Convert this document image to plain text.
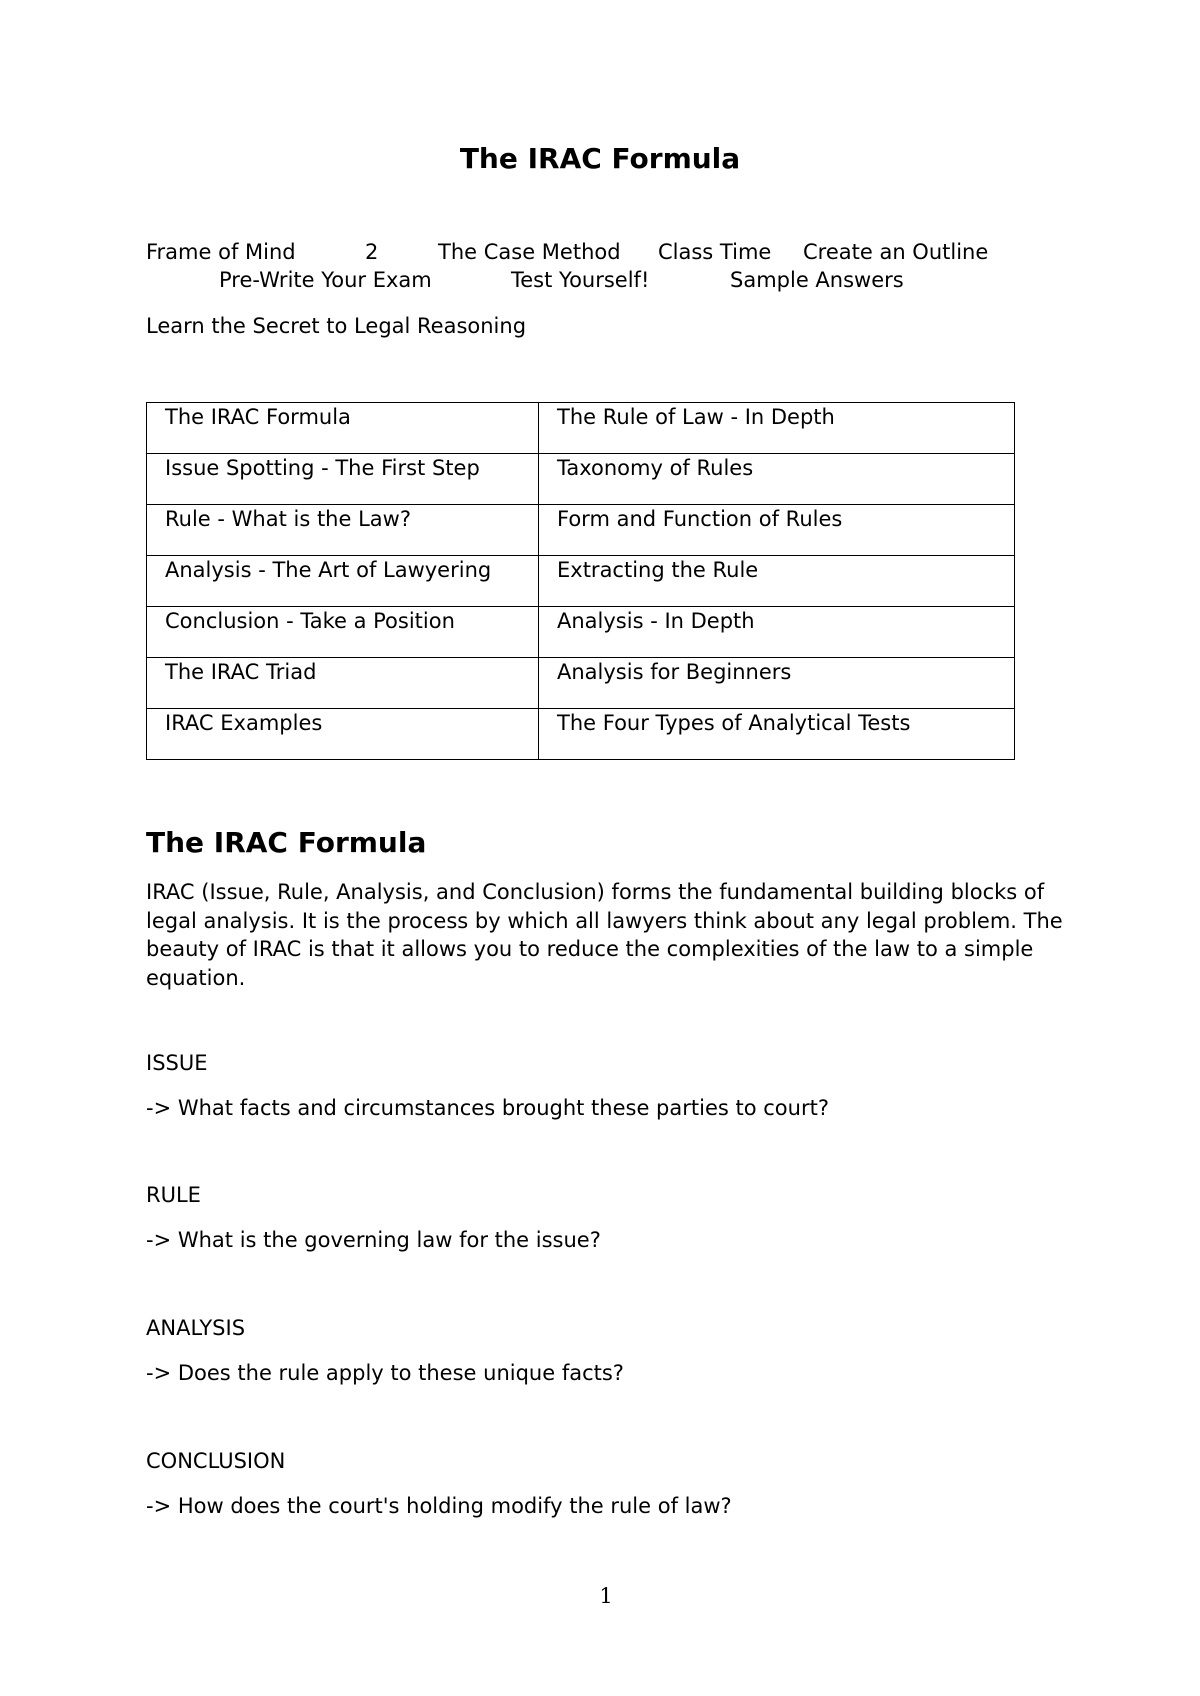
The IRAC Formula
Frame of Mind	2	The Case Method Class Time Create an Outline
Pre-Write Your Exam	Test Yourself!	Sample Answers

Learn the Secret to Legal Reasoning

The IRAC Formula	The Rule of Law - In Depth
Issue Spotting - The First Step	Taxonomy of Rules
Rule - What is the Law?	Form and Function of Rules
Analysis - The Art of Lawyering	Extracting the Rule
Conclusion - Take a Position	Analysis - In Depth
The IRAC Triad	Analysis for Beginners
IRAC Examples	The Four Types of Analytical Tests
The IRAC Formula

IRAC (Issue, Rule, Analysis, and Conclusion) forms the fundamental building blocks of legal analysis. It is the process by which all lawyers think about any legal problem. The beauty of IRAC is that it allows you to reduce the complexities of the law to a simple equation.

ISSUE

-> What facts and circumstances brought these parties to court?

RULE

-> What is the governing law for the issue?

ANALYSIS

-> Does the rule apply to these unique facts?

CONCLUSION

-> How does the court's holding modify the rule of law?

1
